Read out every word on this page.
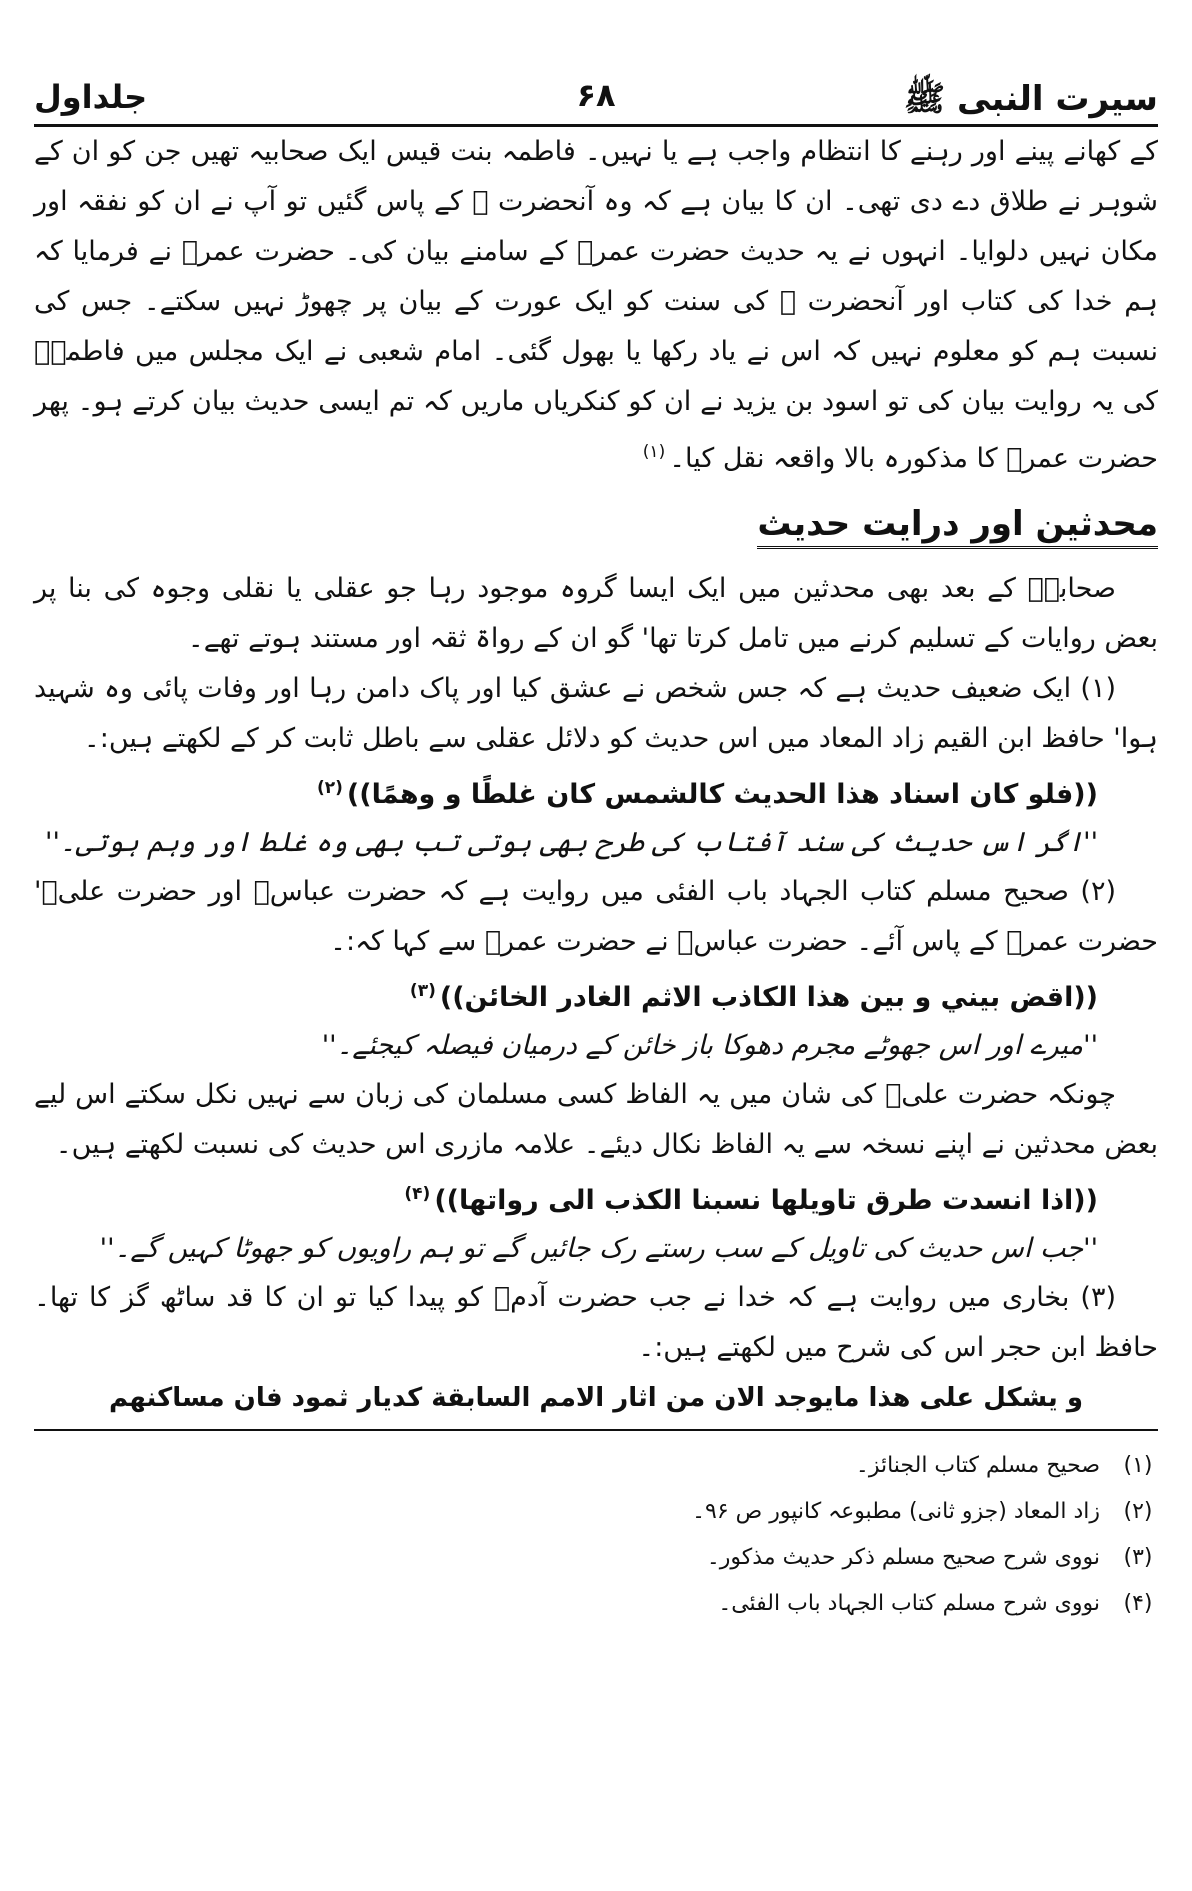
سیرت النبی ﷺ
۶۸
جلداول

کے کھانے پینے اور رہنے کا انتظام واجب ہے یا نہیں۔ فاطمہ بنت قیس ایک صحابیہ تھیں جن کو ان کے شوہر نے طلاق دے دی تھی۔ ان کا بیان ہے کہ وہ آنحضرت ﷺ کے پاس گئیں تو آپ نے ان کو نفقہ اور مکان نہیں دلوایا۔ انہوں نے یہ حدیث حضرت عمرؓ کے سامنے بیان کی۔ حضرت عمرؓ نے فرمایا کہ ہم خدا کی کتاب اور آنحضرت ﷺ کی سنت کو ایک عورت کے بیان پر چھوڑ نہیں سکتے۔ جس کی نسبت ہم کو معلوم نہیں کہ اس نے یاد رکھا یا بھول گئی۔ امام شعبی نے ایک مجلس میں فاطمہؓ کی یہ روایت بیان کی تو اسود بن یزید نے ان کو کنکریاں ماریں کہ تم ایسی حدیث بیان کرتے ہو۔ پھر حضرت عمرؓ کا مذکورہ بالا واقعہ نقل کیا۔$^{(۱)}$

محدثین اور درایت حدیث

صحابہؓ کے بعد بھی محدثین میں ایک ایسا گروہ موجود رہا جو عقلی یا نقلی وجوہ کی بنا پر بعض روایات کے تسلیم کرنے میں تامل کرتا تھا' گو ان کے رواۃ ثقہ اور مستند ہوتے تھے۔

(۱) ایک ضعیف حدیث ہے کہ جس شخص نے عشق کیا اور پاک دامن رہا اور وفات پائی وہ شہید ہوا' حافظ ابن القیم زاد المعاد میں اس حدیث کو دلائل عقلی سے باطل ثابت کر کے لکھتے ہیں:۔

((فلو كان اسناد هذا الحديث كالشمس كان غلطًا و وهمًا))$^{(۲)}$
''اگر اس حدیث کی سند آفتاب کی طرح بھی ہوتی تب بھی وہ غلط اور وہم ہوتی۔''

(۲) صحیح مسلم کتاب الجہاد باب الفئی میں روایت ہے کہ حضرت عباسؓ اور حضرت علیؓ' حضرت عمرؓ کے پاس آئے۔ حضرت عباسؓ نے حضرت عمرؓ سے کہا کہ:۔

((اقض بيني و بين هذا الكاذب الاثم الغادر الخائن))$^{(۳)}$
''میرے اور اس جھوٹے مجرم دھوکا باز خائن کے درمیان فیصلہ کیجئے۔''

چونکہ حضرت علیؓ کی شان میں یہ الفاظ کسی مسلمان کی زبان سے نہیں نکل سکتے اس لیے بعض محدثین نے اپنے نسخہ سے یہ الفاظ نکال دیئے۔ علامہ مازری اس حدیث کی نسبت لکھتے ہیں۔

((اذا انسدت طرق تاويلها نسبنا الكذب الى رواتها))$^{(۴)}$
''جب اس حدیث کی تاویل کے سب رستے رک جائیں گے تو ہم راویوں کو جھوٹا کہیں گے۔''

(۳) بخاری میں روایت ہے کہ خدا نے جب حضرت آدمؑ کو پیدا کیا تو ان کا قد ساٹھ گز کا تھا۔ حافظ ابن حجر اس کی شرح میں لکھتے ہیں:۔

و يشكل على هذا مايوجد الان من اثار الامم السابقة كديار ثمود فان مساكنهم
(۱)
صحیح مسلم کتاب الجنائز۔
(۲)
زاد المعاد (جزو ثانی) مطبوعہ کانپور ص ۹۶۔
(۳)
نووی شرح صحیح مسلم ذکر حدیث مذکور۔
(۴)
نووی شرح مسلم کتاب الجہاد باب الفئی۔
